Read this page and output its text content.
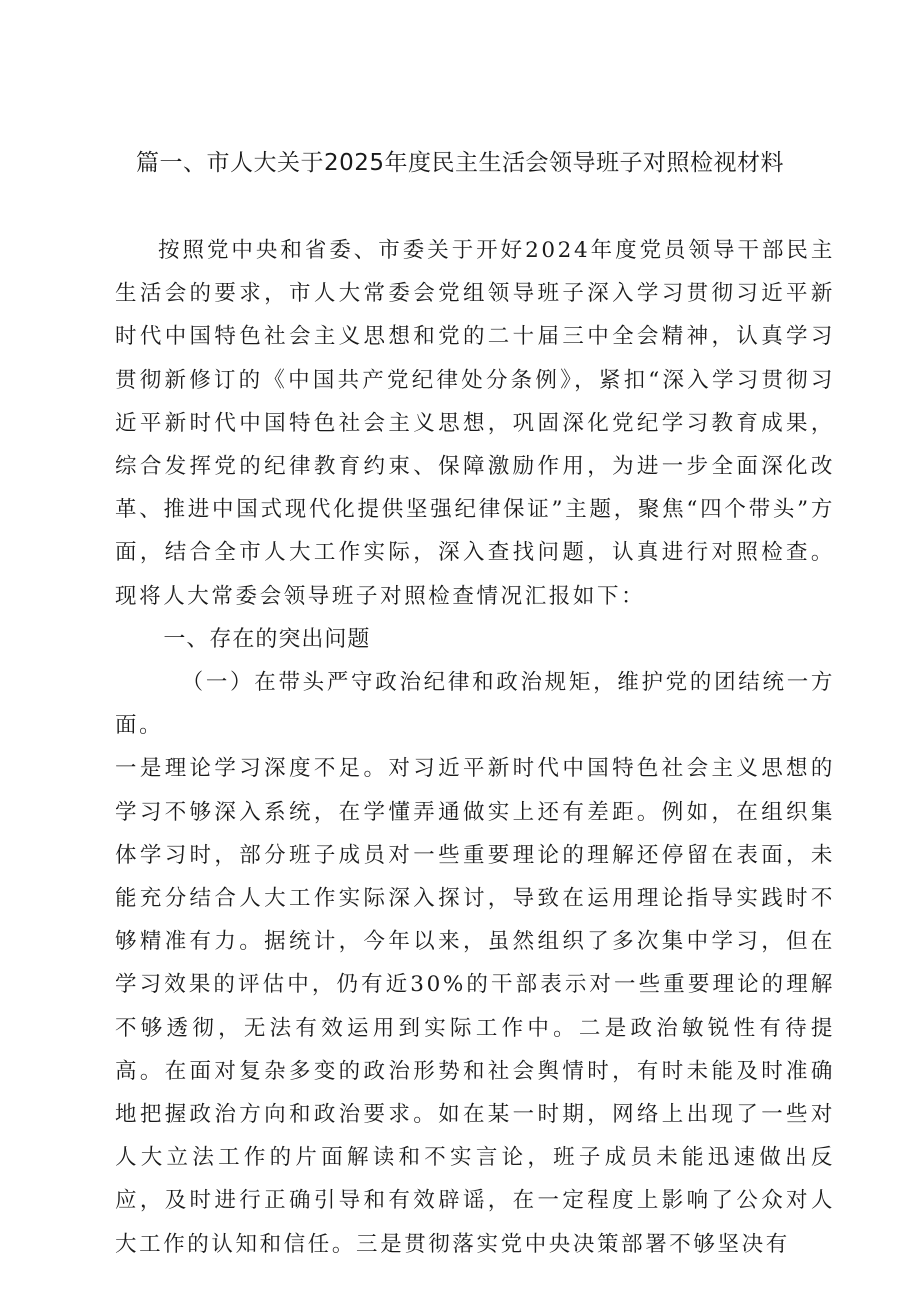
篇一、市人大关于2025年度民主生活会领导班子对照检视材料

按照党中央和省委、市委关于开好2024年度党员领导干部民主生活会的要求，市人大常委会党组领导班子深入学习贯彻习近平新时代中国特色社会主义思想和党的二十届三中全会精神，认真学习贯彻新修订的《中国共产党纪律处分条例》，紧扣“深入学习贯彻习近平新时代中国特色社会主义思想，巩固深化党纪学习教育成果，综合发挥党的纪律教育约束、保障激励作用，为进一步全面深化改革、推进中国式现代化提供坚强纪律保证”主题，聚焦“四个带头”方面，结合全市人大工作实际，深入查找问题，认真进行对照检查。现将人大常委会领导班子对照检查情况汇报如下：

一、存在的突出问题

（一）在带头严守政治纪律和政治规矩，维护党的团结统一方面。

一是理论学习深度不足。对习近平新时代中国特色社会主义思想的学习不够深入系统，在学懂弄通做实上还有差距。例如，在组织集体学习时，部分班子成员对一些重要理论的理解还停留在表面，未能充分结合人大工作实际深入探讨，导致在运用理论指导实践时不够精准有力。据统计，今年以来，虽然组织了多次集中学习，但在学习效果的评估中，仍有近30%的干部表示对一些重要理论的理解不够透彻，无法有效运用到实际工作中。二是政治敏锐性有待提高。在面对复杂多变的政治形势和社会舆情时，有时未能及时准确地把握政治方向和政治要求。如在某一时期，网络上出现了一些对人大立法工作的片面解读和不实言论，班子成员未能迅速做出反应，及时进行正确引导和有效辟谣，在一定程度上影响了公众对人大工作的认知和信任。三是贯彻落实党中央决策部署不够坚决有
